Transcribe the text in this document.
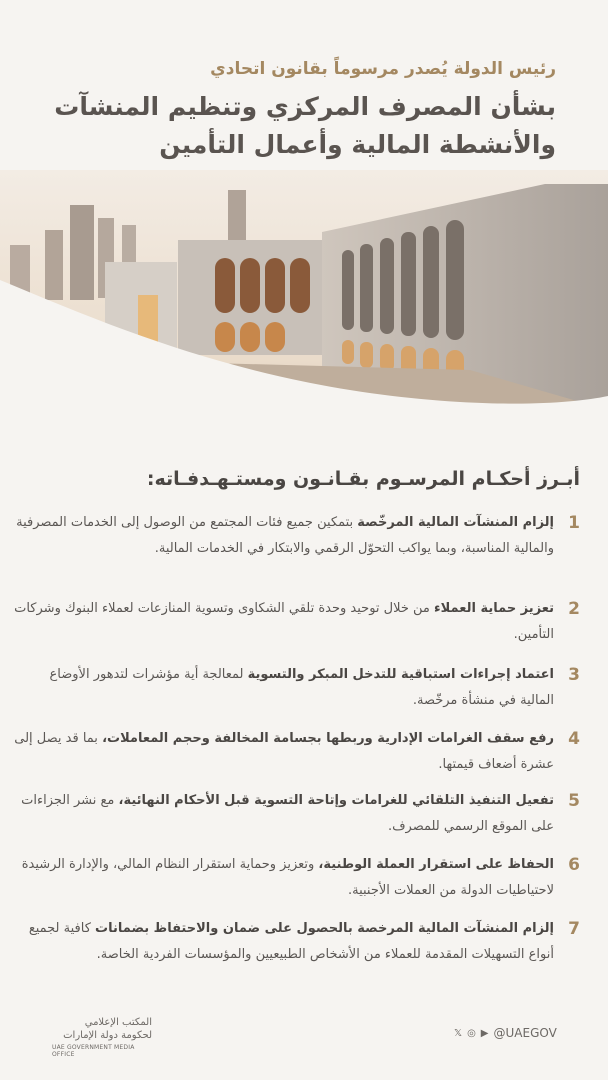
رئيس الدولة يُصدر مرسوماً بقانون اتحادي

بشأن المصرف المركزي وتنظيم المنشآت
والأنشطة المالية وأعمال التأمين
أبـرز أحكـام المرسـوم بقـانـون ومستـهـدفـاته:
1
إلزام المنشآت المالية المرخّصة بتمكين جميع فئات المجتمع من الوصول إلى الخدمات المصرفية والمالية المناسبة، وبما يواكب التحوّل الرقمي والابتكار في الخدمات المالية.
2
تعزيز حماية العملاء من خلال توحيد وحدة تلقي الشكاوى وتسوية المنازعات لعملاء البنوك وشركات التأمين.
3
اعتماد إجراءات استباقية للتدخل المبكر والتسوية لمعالجة أية مؤشرات لتدهور الأوضاع المالية في منشأة مرخّصة.
4
رفع سقف الغرامات الإدارية وربطها بجسامة المخالفة وحجم المعاملات، بما قد يصل إلى عشرة أضعاف قيمتها.
5
تفعيل التنفيذ التلقائي للغرامات وإتاحة التسوية قبل الأحكام النهائية، مع نشر الجزاءات على الموقع الرسمي للمصرف.
6
الحفاظ على استقرار العملة الوطنية، وتعزيز وحماية استقرار النظام المالي، والإدارة الرشيدة لاحتياطيات الدولة من العملات الأجنبية.
7
إلزام المنشآت المالية المرخصة بالحصول على ضمان والاحتفاظ بضمانات كافية لجميع أنواع التسهيلات المقدمة للعملاء من الأشخاص الطبيعيين والمؤسسات الفردية الخاصة.
المكتب الإعلامي
لحكومة دولة الإمارات
UAE GOVERNMENT MEDIA OFFICE
𝕏 ◎ ▶ @UAEGOV
